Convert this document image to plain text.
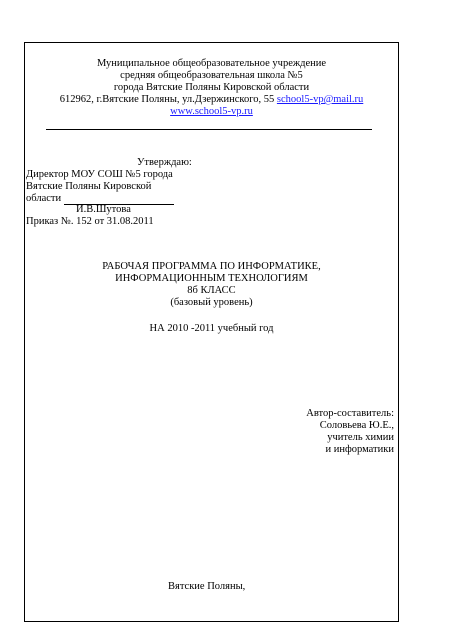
Муниципальное общеобразовательное учреждение
средняя общеобразовательная школа №5
города Вятские Поляны Кировской области
612962, г.Вятские Поляны, ул.Дзержинского, 55 school5-vp@mail.ru
www.school5-vp.ru
Утверждаю:
Директор МОУ СОШ №5 города
Вятские Поляны Кировской
области
И.В.Шутова
Приказ №. 152 от 31.08.2011
РАБОЧАЯ ПРОГРАММА ПО ИНФОРМАТИКЕ,
ИНФОРМАЦИОННЫМ ТЕХНОЛОГИЯМ
8б КЛАСС
(базовый уровень)
НА 2010 -2011 учебный год
Автор-составитель:
Соловьева Ю.Е.,
учитель химии
и информатики
Вятские Поляны,
